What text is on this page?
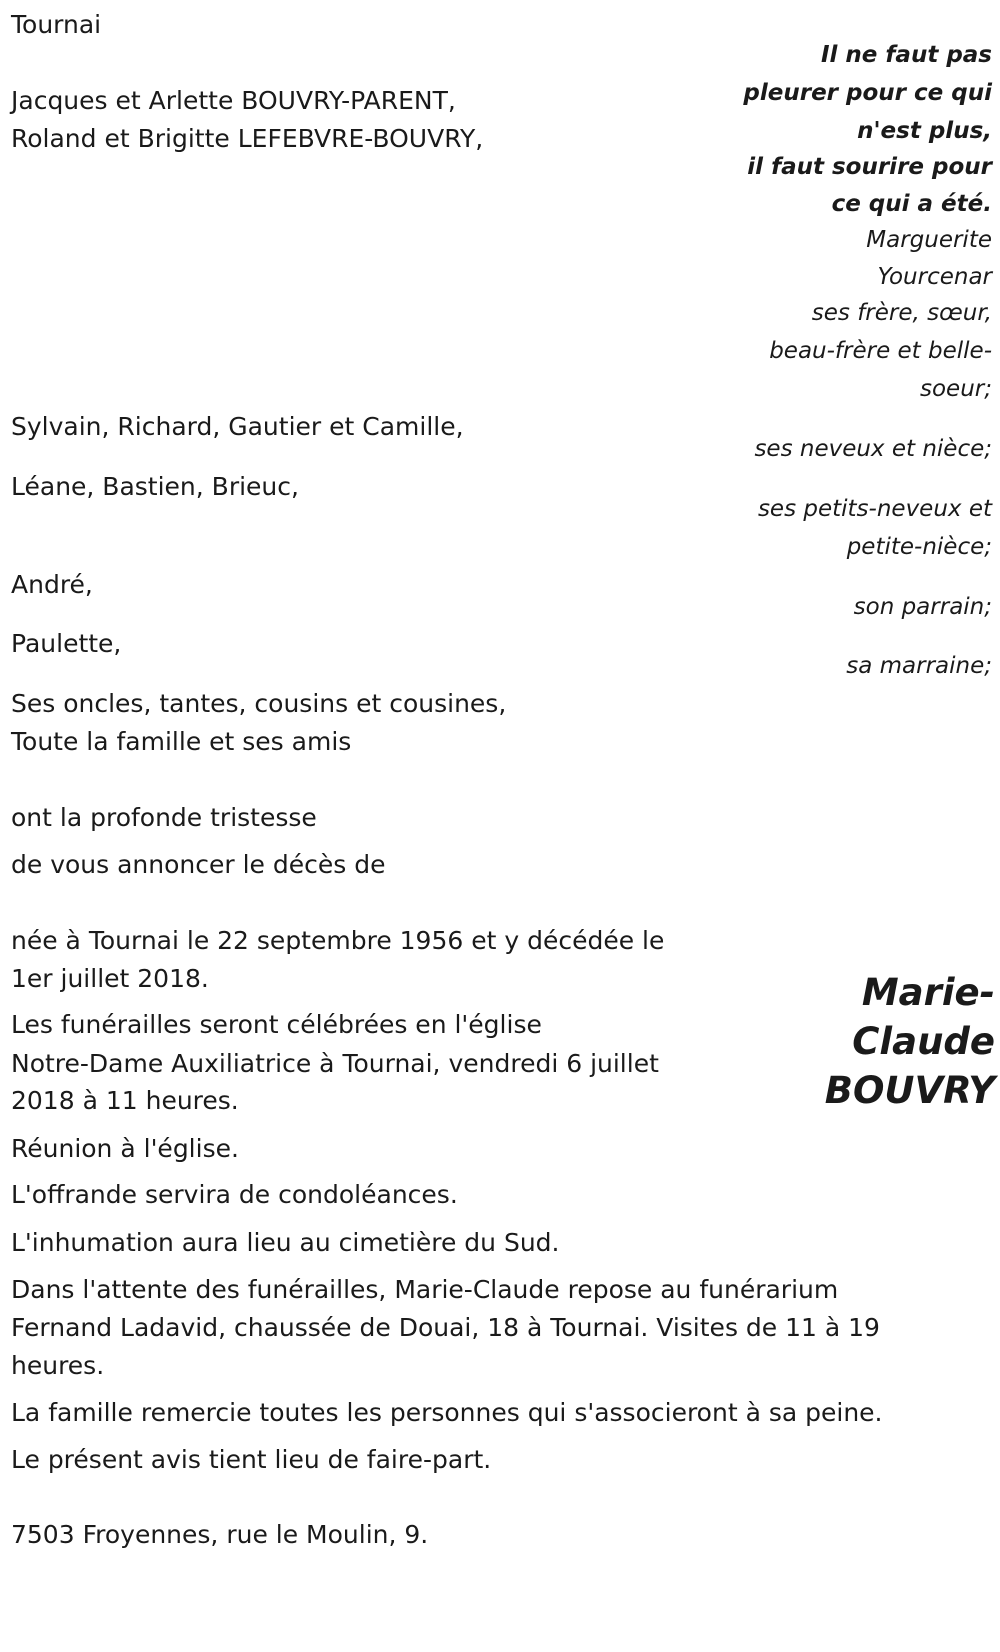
Tournai

Jacques et Arlette BOUVRY-PARENT,

Roland et Brigitte LEFEBVRE-BOUVRY,

Il ne faut pas

pleurer pour ce qui

n'est plus,

il faut sourire pour

ce qui a été.

Marguerite

Yourcenar

ses frère, sœur,

beau-frère et belle-

soeur;

Sylvain, Richard, Gautier et Camille,

ses neveux et nièce;

Léane, Bastien, Brieuc,

ses petits-neveux et

petite-nièce;

André,

son parrain;

Paulette,

sa marraine;

Ses oncles, tantes, cousins et cousines,

Toute la famille et ses amis

ont la profonde tristesse

de vous annoncer le décès de

Marie-
Claude
BOUVRY

née à Tournai le 22 septembre 1956 et y décédée le

1er juillet 2018.

Les funérailles seront célébrées en l'église

Notre-Dame Auxiliatrice à Tournai, vendredi 6 juillet

2018 à 11 heures.

Réunion à l'église.

L'offrande servira de condoléances.

L'inhumation aura lieu au cimetière du Sud.

Dans l'attente des funérailles, Marie-Claude repose au funérarium

Fernand Ladavid, chaussée de Douai, 18 à Tournai. Visites de 11 à 19

heures.

La famille remercie toutes les personnes qui s'associeront à sa peine.

Le présent avis tient lieu de faire-part.

7503 Froyennes, rue le Moulin, 9.
